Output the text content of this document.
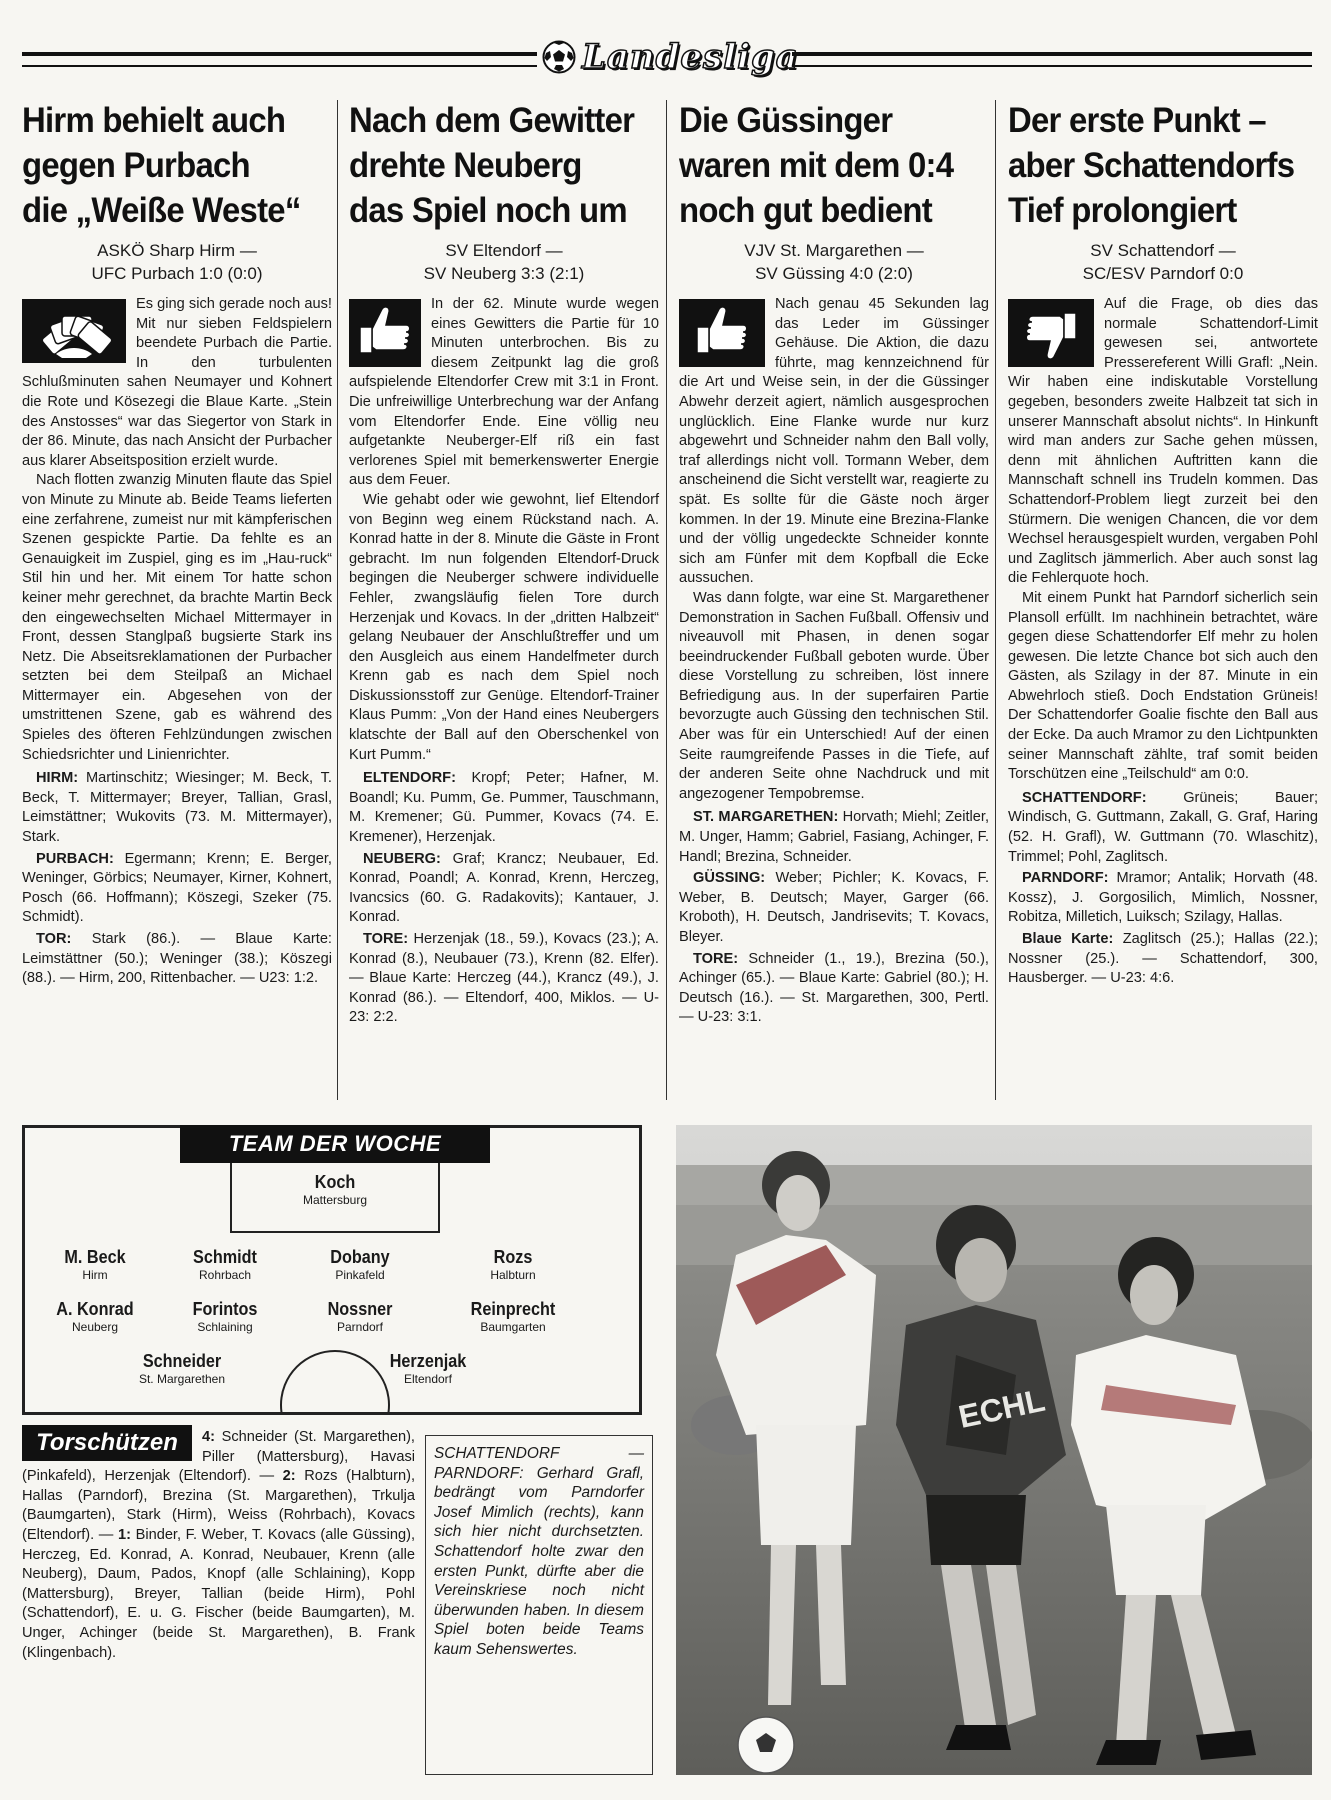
Landesliga
Hirm behielt auch
gegen Purbach
die „Weiße Weste“
ASKÖ Sharp Hirm —
UFC Purbach 1:0 (0:0)

Es ging sich gerade noch aus! Mit nur sieben Feldspielern beendete Purbach die Partie. In den turbulenten Schlußminuten sahen Neumayer und Kohnert die Rote und Kösezegi die Blaue Karte. „Stein des Anstosses“ war das Siegertor von Stark in der 86. Minute, das nach Ansicht der Purbacher aus klarer Abseitsposition erzielt wurde.

Nach flotten zwanzig Minuten flaute das Spiel von Minute zu Minute ab. Beide Teams lieferten eine zerfahrene, zumeist nur mit kämpferischen Szenen gespickte Partie. Da fehlte es an Genauigkeit im Zuspiel, ging es im „Hau-ruck“ Stil hin und her. Mit einem Tor hatte schon keiner mehr gerechnet, da brachte Martin Beck den eingewechselten Michael Mittermayer in Front, dessen Stanglpaß bugsierte Stark ins Netz. Die Abseitsreklamationen der Purbacher setzten bei dem Steilpaß an Michael Mittermayer ein. Abgesehen von der umstrittenen Szene, gab es während des Spieles des öfteren Fehlzündungen zwischen Schiedsrichter und Linienrichter.

HIRM: Martinschitz; Wiesinger; M. Beck, T. Beck, T. Mittermayer; Breyer, Tallian, Grasl, Leimstättner; Wukovits (73. M. Mittermayer), Stark.

PURBACH: Egermann; Krenn; E. Berger, Weninger, Görbics; Neumayer, Kirner, Kohnert, Posch (66. Hoffmann); Köszegi, Szeker (75. Schmidt).

TOR: Stark (86.). — Blaue Karte: Leimstättner (50.); Weninger (38.); Köszegi (88.). — Hirm, 200, Rittenbacher. — U23: 1:2.

Nach dem Gewitter
drehte Neuberg
das Spiel noch um
SV Eltendorf —
SV Neuberg 3:3 (2:1)

In der 62. Minute wurde wegen eines Gewitters die Partie für 10 Minuten unterbrochen. Bis zu diesem Zeitpunkt lag die groß aufspielende Eltendorfer Crew mit 3:1 in Front. Die unfreiwillige Unterbrechung war der Anfang vom Eltendorfer Ende. Eine völlig neu aufgetankte Neuberger-Elf riß ein fast verlorenes Spiel mit bemerkenswerter Energie aus dem Feuer.

Wie gehabt oder wie gewohnt, lief Eltendorf von Beginn weg einem Rückstand nach. A. Konrad hatte in der 8. Minute die Gäste in Front gebracht. Im nun folgenden Eltendorf-Druck begingen die Neuberger schwere individuelle Fehler, zwangsläufig fielen Tore durch Herzenjak und Kovacs. In der „dritten Halbzeit“ gelang Neubauer der Anschlußtreffer und um den Ausgleich aus einem Handelfmeter durch Krenn gab es nach dem Spiel noch Diskussionsstoff zur Genüge. Eltendorf-Trainer Klaus Pumm: „Von der Hand eines Neubergers klatschte der Ball auf den Oberschenkel von Kurt Pumm.“

ELTENDORF: Kropf; Peter; Hafner, M. Boandl; Ku. Pumm, Ge. Pummer, Tauschmann, M. Kremener; Gü. Pummer, Kovacs (74. E. Kremener), Herzenjak.

NEUBERG: Graf; Krancz; Neubauer, Ed. Konrad, Poandl; A. Konrad, Krenn, Herczeg, Ivancsics (60. G. Radakovits); Kantauer, J. Konrad.

TORE: Herzenjak (18., 59.), Kovacs (23.); A. Konrad (8.), Neubauer (73.), Krenn (82. Elfer). — Blaue Karte: Herczeg (44.), Krancz (49.), J. Konrad (86.). — Eltendorf, 400, Miklos. — U-23: 2:2.

Die Güssinger
waren mit dem 0:4
noch gut bedient
VJV St. Margarethen —
SV Güssing 4:0 (2:0)

Nach genau 45 Sekunden lag das Leder im Güssinger Gehäuse. Die Aktion, die dazu führte, mag kennzeichnend für die Art und Weise sein, in der die Güssinger Abwehr derzeit agiert, nämlich ausgesprochen unglücklich. Eine Flanke wurde nur kurz abgewehrt und Schneider nahm den Ball volly, traf allerdings nicht voll. Tormann Weber, dem anscheinend die Sicht verstellt war, reagierte zu spät. Es sollte für die Gäste noch ärger kommen. In der 19. Minute eine Brezina-Flanke und der völlig ungedeckte Schneider konnte sich am Fünfer mit dem Kopfball die Ecke aussuchen.

Was dann folgte, war eine St. Margarethener Demonstration in Sachen Fußball. Offensiv und niveauvoll mit Phasen, in denen sogar beeindruckender Fußball geboten wurde. Über diese Vorstellung zu schreiben, löst innere Befriedigung aus. In der superfairen Partie bevorzugte auch Güssing den technischen Stil. Aber was für ein Unterschied! Auf der einen Seite raumgreifende Passes in die Tiefe, auf der anderen Seite ohne Nachdruck und mit angezogener Tempobremse.

ST. MARGARETHEN: Horvath; Miehl; Zeitler, M. Unger, Hamm; Gabriel, Fasiang, Achinger, F. Handl; Brezina, Schneider.

GÜSSING: Weber; Pichler; K. Kovacs, F. Weber, B. Deutsch; Mayer, Garger (66. Kroboth), H. Deutsch, Jandrisevits; T. Kovacs, Bleyer.

TORE: Schneider (1., 19.), Brezina (50.), Achinger (65.). — Blaue Karte: Gabriel (80.); H. Deutsch (16.). — St. Margarethen, 300, Pertl. — U-23: 3:1.

Der erste Punkt –
aber Schattendorfs
Tief prolongiert
SV Schattendorf —
SC/ESV Parndorf 0:0

Auf die Frage, ob dies das normale Schattendorf-Limit gewesen sei, antwortete Pressereferent Willi Grafl: „Nein. Wir haben eine indiskutable Vorstellung gegeben, besonders zweite Halbzeit tat sich in unserer Mannschaft absolut nichts“. In Hinkunft wird man anders zur Sache gehen müssen, denn mit ähnlichen Auftritten kann die Mannschaft schnell ins Trudeln kommen. Das Schattendorf-Problem liegt zurzeit bei den Stürmern. Die wenigen Chancen, die vor dem Wechsel herausgespielt wurden, vergaben Pohl und Zaglitsch jämmerlich. Aber auch sonst lag die Fehlerquote hoch.

Mit einem Punkt hat Parndorf sicherlich sein Plansoll erfüllt. Im nachhinein betrachtet, wäre gegen diese Schattendorfer Elf mehr zu holen gewesen. Die letzte Chance bot sich auch den Gästen, als Szilagy in der 87. Minute in ein Abwehrloch stieß. Doch Endstation Grüneis! Der Schattendorfer Goalie fischte den Ball aus der Ecke. Da auch Mramor zu den Lichtpunkten seiner Mannschaft zählte, traf somit beiden Torschützen eine „Teilschuld“ am 0:0.

SCHATTENDORF: Grüneis; Bauer; Windisch, G. Guttmann, Zakall, G. Graf, Haring (52. H. Grafl), W. Guttmann (70. Wlaschitz), Trimmel; Pohl, Zaglitsch.

PARNDORF: Mramor; Antalik; Horvath (48. Kossz), J. Gorgosilich, Mimlich, Nossner, Robitza, Milletich, Luiksch; Szilagy, Hallas.

Blaue Karte: Zaglitsch (25.); Hallas (22.); Nossner (25.). — Schattendorf, 300, Hausberger. — U-23: 4:6.

TEAM DER WOCHE
Koch
Mattersburg
M. Beck
Hirm
Schmidt
Rohrbach
Dobany
Pinkafeld
Rozs
Halbturn
A. Konrad
Neuberg
Forintos
Schlaining
Nossner
Parndorf
Reinprecht
Baumgarten
Schneider
St. Margarethen
Herzenjak
Eltendorf
4: Schneider (St. Margarethen), Piller (Mattersburg), Havasi (Pinkafeld), Herzenjak (Eltendorf). — 2: Rozs (Halbturn), Hallas (Parndorf), Brezina (St. Margarethen), Trkulja (Baumgarten), Stark (Hirm), Weiss (Rohrbach), Kovacs (Eltendorf). — 1: Binder, F. Weber, T. Kovacs (alle Güssing), Herczeg, Ed. Konrad, A. Konrad, Neubauer, Krenn (alle Neuberg), Daum, Pados, Knopf (alle Schlaining), Kopp (Mattersburg), Breyer, Tallian (beide Hirm), Pohl (Schattendorf), E. u. G. Fischer (beide Baumgarten), M. Unger, Achinger (beide St. Margarethen), B. Frank (Klingenbach).
Torschützen	SCHATTENDORF — PARNDORF: Gerhard Grafl, bedrängt vom Parndorfer Josef Mimlich (rechts), kann sich hier nicht durchsetzten. Schattendorf holte zwar den ersten Punkt, dürfte aber die Vereinskriese noch nicht überwunden haben. In diesem Spiel boten beide Teams kaum Sehenswertes.
ECHL
